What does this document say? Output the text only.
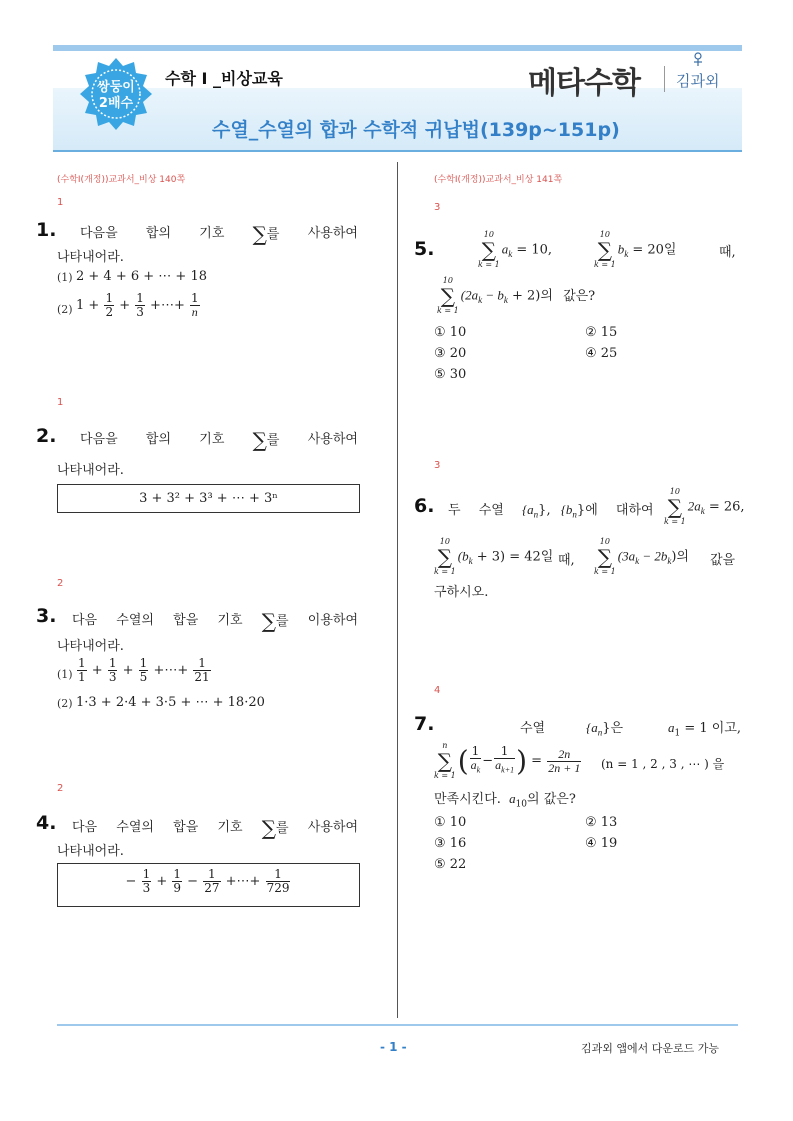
쌍둥이
2배수
수학 I _비상교육	메타수학 김과외
수열_수열의 합과 수학적 귀납법(139p~151p)
(수학I(개정))교과서_비상 140쪽
1
1. 다음을 합의 기호 ∑를 사용하여
나타내어라.
(1) 2 + 4 + 6 + ⋯ + 18
(2) $1 + \frac{1}{2} + \frac{1}{3}$ +⋯+ $\frac{1}{n}$
1
2. 다음을 합의 기호 ∑를 사용하여
나타내어라.
3 + 3² + 3³ + ⋯ + 3ⁿ
2
3. 다음 수열의 합을 기호 ∑를 이용하여
나타내어라.
$(1) \frac{1}{1} + \frac{1}{3} + \frac{1}{5}$ +⋯+ $\frac{1}{21}$
(2) 1·3 + 2·4 + 3·5 + ⋯ + 18·20
2
4. 다음 수열의 합을 기호 ∑를 사용하여
나타내어라.
− $\frac{1}{3} + \frac{1}{9} - \frac{1}{27}$ +⋯+ $\frac{1}{729}$
(수학I(개정))교과서_비상 141쪽
3
5.
10
∑
k = 1
$a_k = 10$,
10
∑
k = 1
$b_k = 20$일	때,
10
∑
k = 1
$(2a_k - b_k + 2)$의 값은?
① 10	② 15
③ 20	④ 25
⑤ 30
3
6. 두 수열 $\{a_n\}$, $\{b_n\}$에 대하여
10
∑
k = 1
$2a_k = 26$,
10
∑
k = 1
$(b_k + 3) = 42$일 때,
10
∑
k = 1
$(3a_k - 2b_k)$의 값을
구하시오.
4
7.	수열	$\{a_n\}$은	$a_1 = 1$ 이고,
n
∑
k = 1 ( $\frac{1}{a_k} - \frac{1}{a_{k+1}}$ ) = $\frac{2n}{2n + 1} (n = 1$ , 2 , 3 , ⋯ ) 을
만족시킨다. $a_{10}$의 값은?
① 10	② 13
③ 16	④ 19
⑤ 22
- 1 -	김과외 앱에서 다운로드 가능
